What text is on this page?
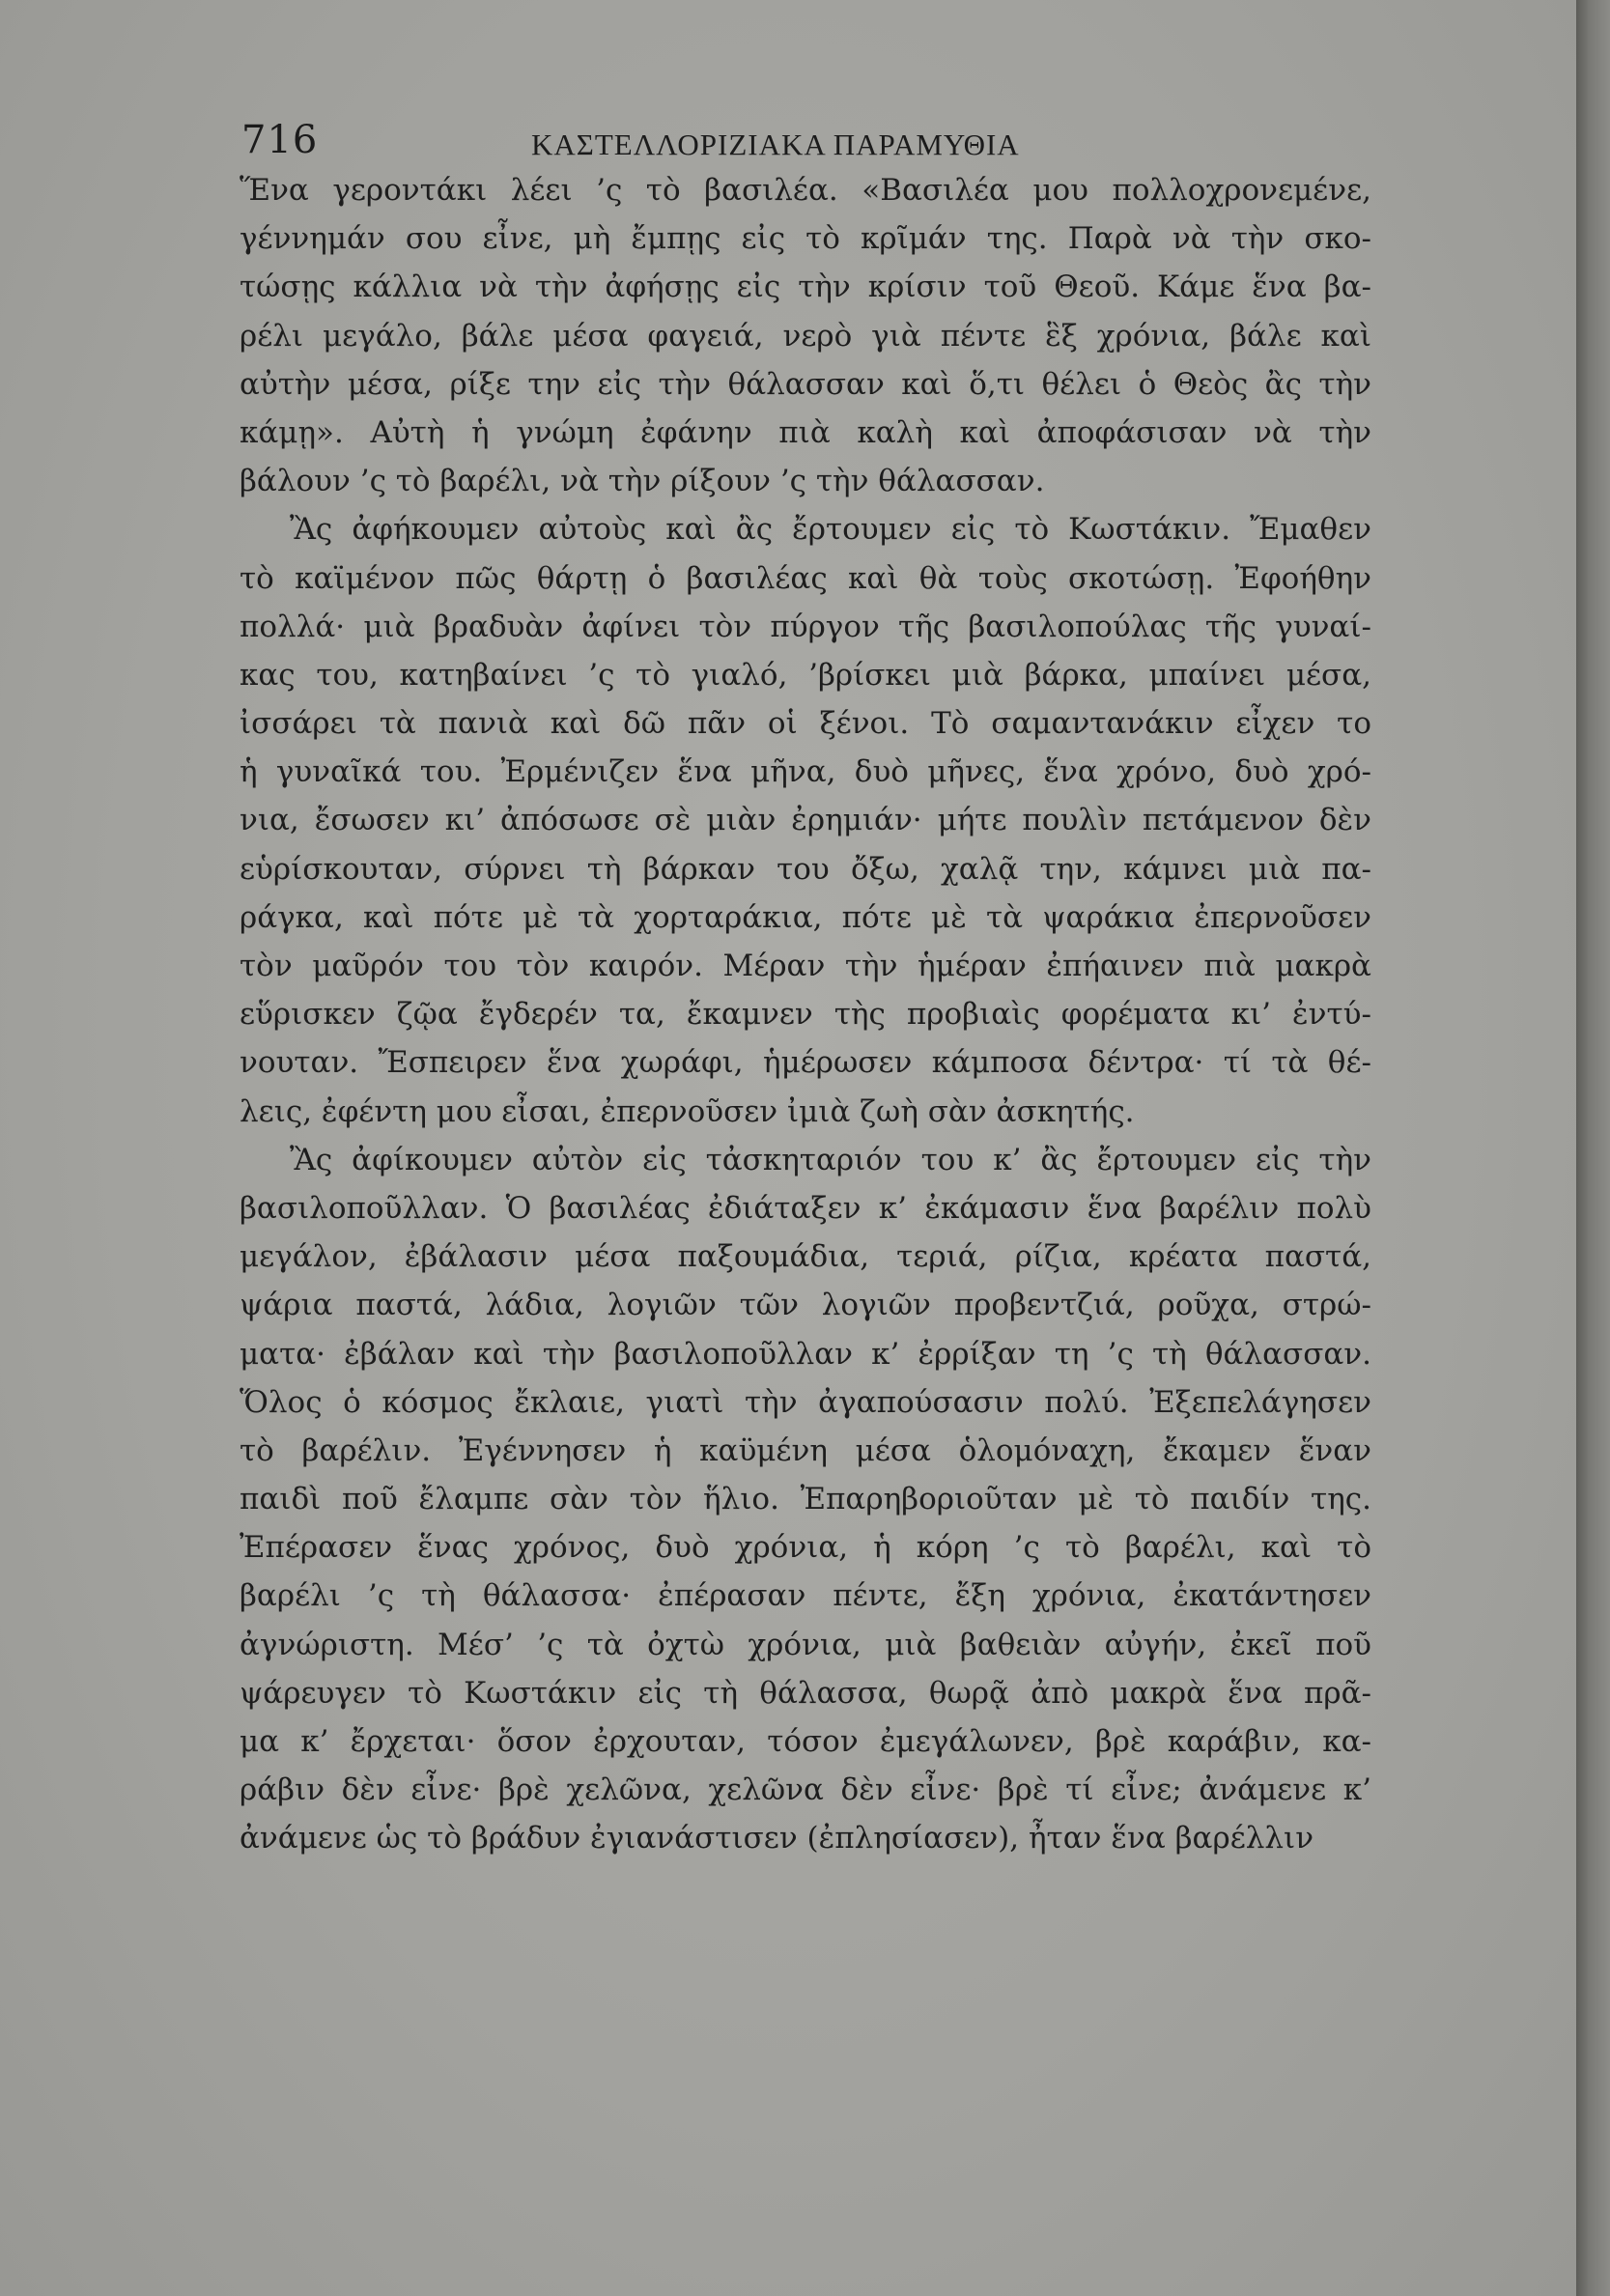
716	ΚΑΣΤΕΛΛΟΡΙΖΙΑΚΑ ΠΑΡΑΜΥΘΙΑ
Ἕνα γεροντάκι λέει ’ς τὸ βασιλέα. «Βασιλέα μου πολλοχρονεμένε,
γέννημάν σου εἶνε, μὴ ἔμπῃς εἰς τὸ κρῖμάν της. Παρὰ νὰ τὴν σκο-
τώσῃς κάλλια νὰ τὴν ἀφήσῃς εἰς τὴν κρίσιν τοῦ Θεοῦ. Κάμε ἕνα βα-
ρέλι μεγάλο, βάλε μέσα φαγειά, νερὸ γιὰ πέντε ἓξ χρόνια, βάλε καὶ
αὐτὴν μέσα, ρίξε την εἰς τὴν θάλασσαν καὶ ὅ,τι θέλει ὁ Θεὸς ἂς τὴν
κάμῃ». Αὐτὴ ἡ γνώμη ἐφάνην πιὰ καλὴ καὶ ἀποφάσισαν νὰ τὴν
βάλουν ’ς τὸ βαρέλι, νὰ τὴν ρίξουν ’ς τὴν θάλασσαν.
Ἂς ἀφήκουμεν αὐτοὺς καὶ ἂς ἔρτουμεν εἰς τὸ Κωστάκιν. Ἔμαθεν
τὸ καϊμένον πῶς θάρτῃ ὁ βασιλέας καὶ θὰ τοὺς σκοτώσῃ. Ἐφοήθην
πολλά· μιὰ βραδυὰν ἀφίνει τὸν πύργον τῆς βασιλοπούλας τῆς γυναί-
κας του, κατηβαίνει ’ς τὸ γιαλό, ’βρίσκει μιὰ βάρκα, μπαίνει μέσα,
ἰσσάρει τὰ πανιὰ καὶ δῶ πᾶν οἱ ξένοι. Τὸ σαμαντανάκιν εἶχεν το
ἡ γυναῖκά του. Ἐρμένιζεν ἕνα μῆνα, δυὸ μῆνες, ἕνα χρόνο, δυὸ χρό-
νια, ἔσωσεν κι’ ἀπόσωσε σὲ μιὰν ἐρημιάν· μήτε πουλὶν πετάμενον δὲν
εὑρίσκουταν, σύρνει τὴ βάρκαν του ὄξω, χαλᾷ την, κάμνει μιὰ πα-
ράγκα, καὶ πότε μὲ τὰ χορταράκια, πότε μὲ τὰ ψαράκια ἐπερνοῦσεν
τὸν μαῦρόν του τὸν καιρόν. Μέραν τὴν ἡμέραν ἐπήαινεν πιὰ μακρὰ
εὕρισκεν ζῷα ἔγδερέν τα, ἔκαμνεν τὴς προβιαὶς φορέματα κι’ ἐντύ-
νουταν. Ἔσπειρεν ἕνα χωράφι, ἡμέρωσεν κάμποσα δέντρα· τί τὰ θέ-
λεις, ἐφέντη μου εἶσαι, ἐπερνοῦσεν ἰμιὰ ζωὴ σὰν ἀσκητής.
Ἂς ἀφίκουμεν αὐτὸν εἰς τἀσκηταριόν του κ’ ἂς ἔρτουμεν εἰς τὴν
βασιλοποῦλλαν. Ὁ βασιλέας ἐδιάταξεν κ’ ἐκάμασιν ἕνα βαρέλιν πολὺ
μεγάλον, ἐβάλασιν μέσα παξουμάδια, τεριά, ρίζια, κρέατα παστά,
ψάρια παστά, λάδια, λογιῶν τῶν λογιῶν προβεντζιά, ροῦχα, στρώ-
ματα· ἐβάλαν καὶ τὴν βασιλοποῦλλαν κ’ ἐρρίξαν τη ’ς τὴ θάλασσαν.
Ὅλος ὁ κόσμος ἔκλαιε, γιατὶ τὴν ἀγαπούσασιν πολύ. Ἐξεπελάγησεν
τὸ βαρέλιν. Ἐγέννησεν ἡ καϋμένη μέσα ὁλομόναχη, ἔκαμεν ἕναν
παιδὶ ποῦ ἔλαμπε σὰν τὸν ἥλιο. Ἐπαρηβοριοῦταν μὲ τὸ παιδίν της.
Ἐπέρασεν ἕνας χρόνος, δυὸ χρόνια, ἡ κόρη ’ς τὸ βαρέλι, καὶ τὸ
βαρέλι ’ς τὴ θάλασσα· ἐπέρασαν πέντε, ἔξη χρόνια, ἐκατάντησεν
ἀγνώριστη. Μέσ’ ’ς τὰ ὀχτὼ χρόνια, μιὰ βαθειὰν αὐγήν, ἐκεῖ ποῦ
ψάρευγεν τὸ Κωστάκιν εἰς τὴ θάλασσα, θωρᾷ ἀπὸ μακρὰ ἕνα πρᾶ-
μα κ’ ἔρχεται· ὅσον ἐρχουταν, τόσον ἐμεγάλωνεν, βρὲ καράβιν, κα-
ράβιν δὲν εἶνε· βρὲ χελῶνα, χελῶνα δὲν εἶνε· βρὲ τί εἶνε; ἀνάμενε κ’
ἀνάμενε ὡς τὸ βράδυν ἐγιανάστισεν (ἐπλησίασεν), ἦταν ἕνα βαρέλλιν
